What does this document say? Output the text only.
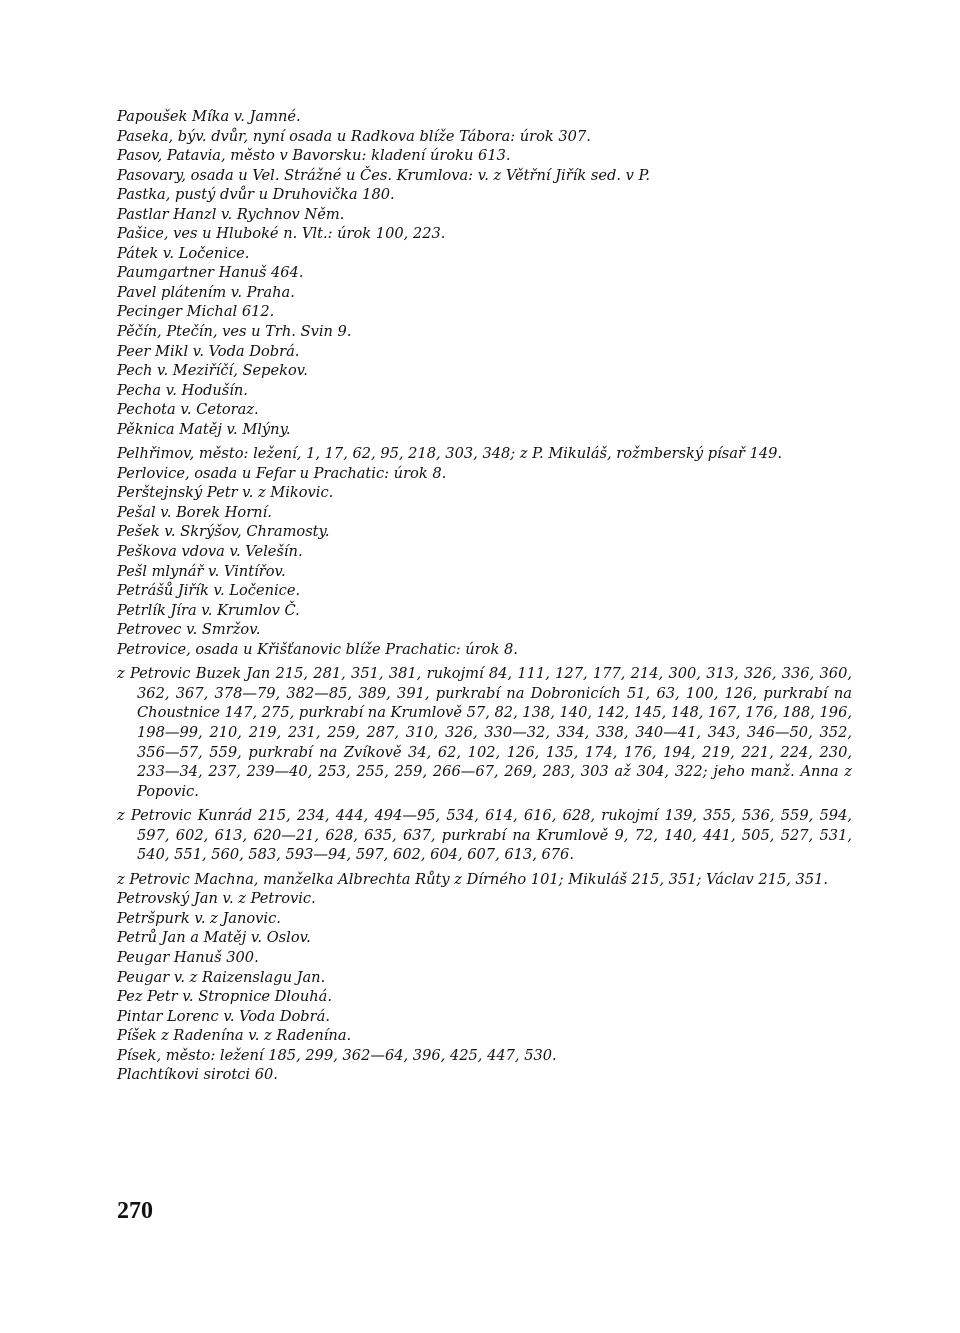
Papoušek Míka v. Jamné.
Paseka, býv. dvůr, nyní osada u Radkova blíže Tábora: úrok 307.
Pasov, Patavia, město v Bavorsku: kladení úroku 613.
Pasovary, osada u Vel. Strážné u Čes. Krumlova: v. z Větřní Jiřík sed. v P.
Pastka, pustý dvůr u Druhovička 180.
Pastlar Hanzl v. Rychnov Něm.
Pašice, ves u Hluboké n. Vlt.: úrok 100, 223.
Pátek v. Ločenice.
Paumgartner Hanuš 464.
Pavel plátením v. Praha.
Pecinger Michal 612.
Pěčín, Ptečín, ves u Trh. Svin 9.
Peer Mikl v. Voda Dobrá.
Pech v. Meziříčí, Sepekov.
Pecha v. Hodušín.
Pechota v. Cetoraz.
Pěknica Matěj v. Mlýny.
Pelhřimov, město: ležení, 1, 17, 62, 95, 218, 303, 348; z P. Mikuláš, rožmberský písař 149.
Perlovice, osada u Fefar u Prachatic: úrok 8.
Perštejnský Petr v. z Mikovic.
Pešal v. Borek Horní.
Pešek v. Skrýšov, Chramosty.
Peškova vdova v. Velešín.
Pešl mlynář v. Vintířov.
Petrášů Jiřík v. Ločenice.
Petrlík Jíra v. Krumlov Č.
Petrovec v. Smržov.
Petrovice, osada u Křišťanovic blíže Prachatic: úrok 8.
z Petrovic Buzek Jan 215, 281, 351, 381, rukojmí 84, 111, 127, 177, 214, 300, 313, 326, 336, 360, 362, 367, 378—79, 382—85, 389, 391, purkrabí na Dobronicích 51, 63, 100, 126, purkrabí na Choustnice 147, 275, purkrabí na Krumlově 57, 82, 138, 140, 142, 145, 148, 167, 176, 188, 196, 198—99, 210, 219, 231, 259, 287, 310, 326, 330—32, 334, 338, 340—41, 343, 346—50, 352, 356—57, 559, purkrabí na Zvíkově 34, 62, 102, 126, 135, 174, 176, 194, 219, 221, 224, 230, 233—34, 237, 239—40, 253, 255, 259, 266—67, 269, 283, 303 až 304, 322; jeho manž. Anna z Popovic.
z Petrovic Kunrád 215, 234, 444, 494—95, 534, 614, 616, 628, rukojmí 139, 355, 536, 559, 594, 597, 602, 613, 620—21, 628, 635, 637, purkrabí na Krumlově 9, 72, 140, 441, 505, 527, 531, 540, 551, 560, 583, 593—94, 597, 602, 604, 607, 613, 676.
z Petrovic Machna, manželka Albrechta Růty z Dírného 101; Mikuláš 215, 351; Václav 215, 351.
Petrovský Jan v. z Petrovic.
Petršpurk v. z Janovic.
Petrů Jan a Matěj v. Oslov.
Peugar Hanuš 300.
Peugar v. z Raizenslagu Jan.
Pez Petr v. Stropnice Dlouhá.
Pintar Lorenc v. Voda Dobrá.
Píšek z Radenína v. z Radenína.
Písek, město: ležení 185, 299, 362—64, 396, 425, 447, 530.
Plachtíkovi sirotci 60.
270
